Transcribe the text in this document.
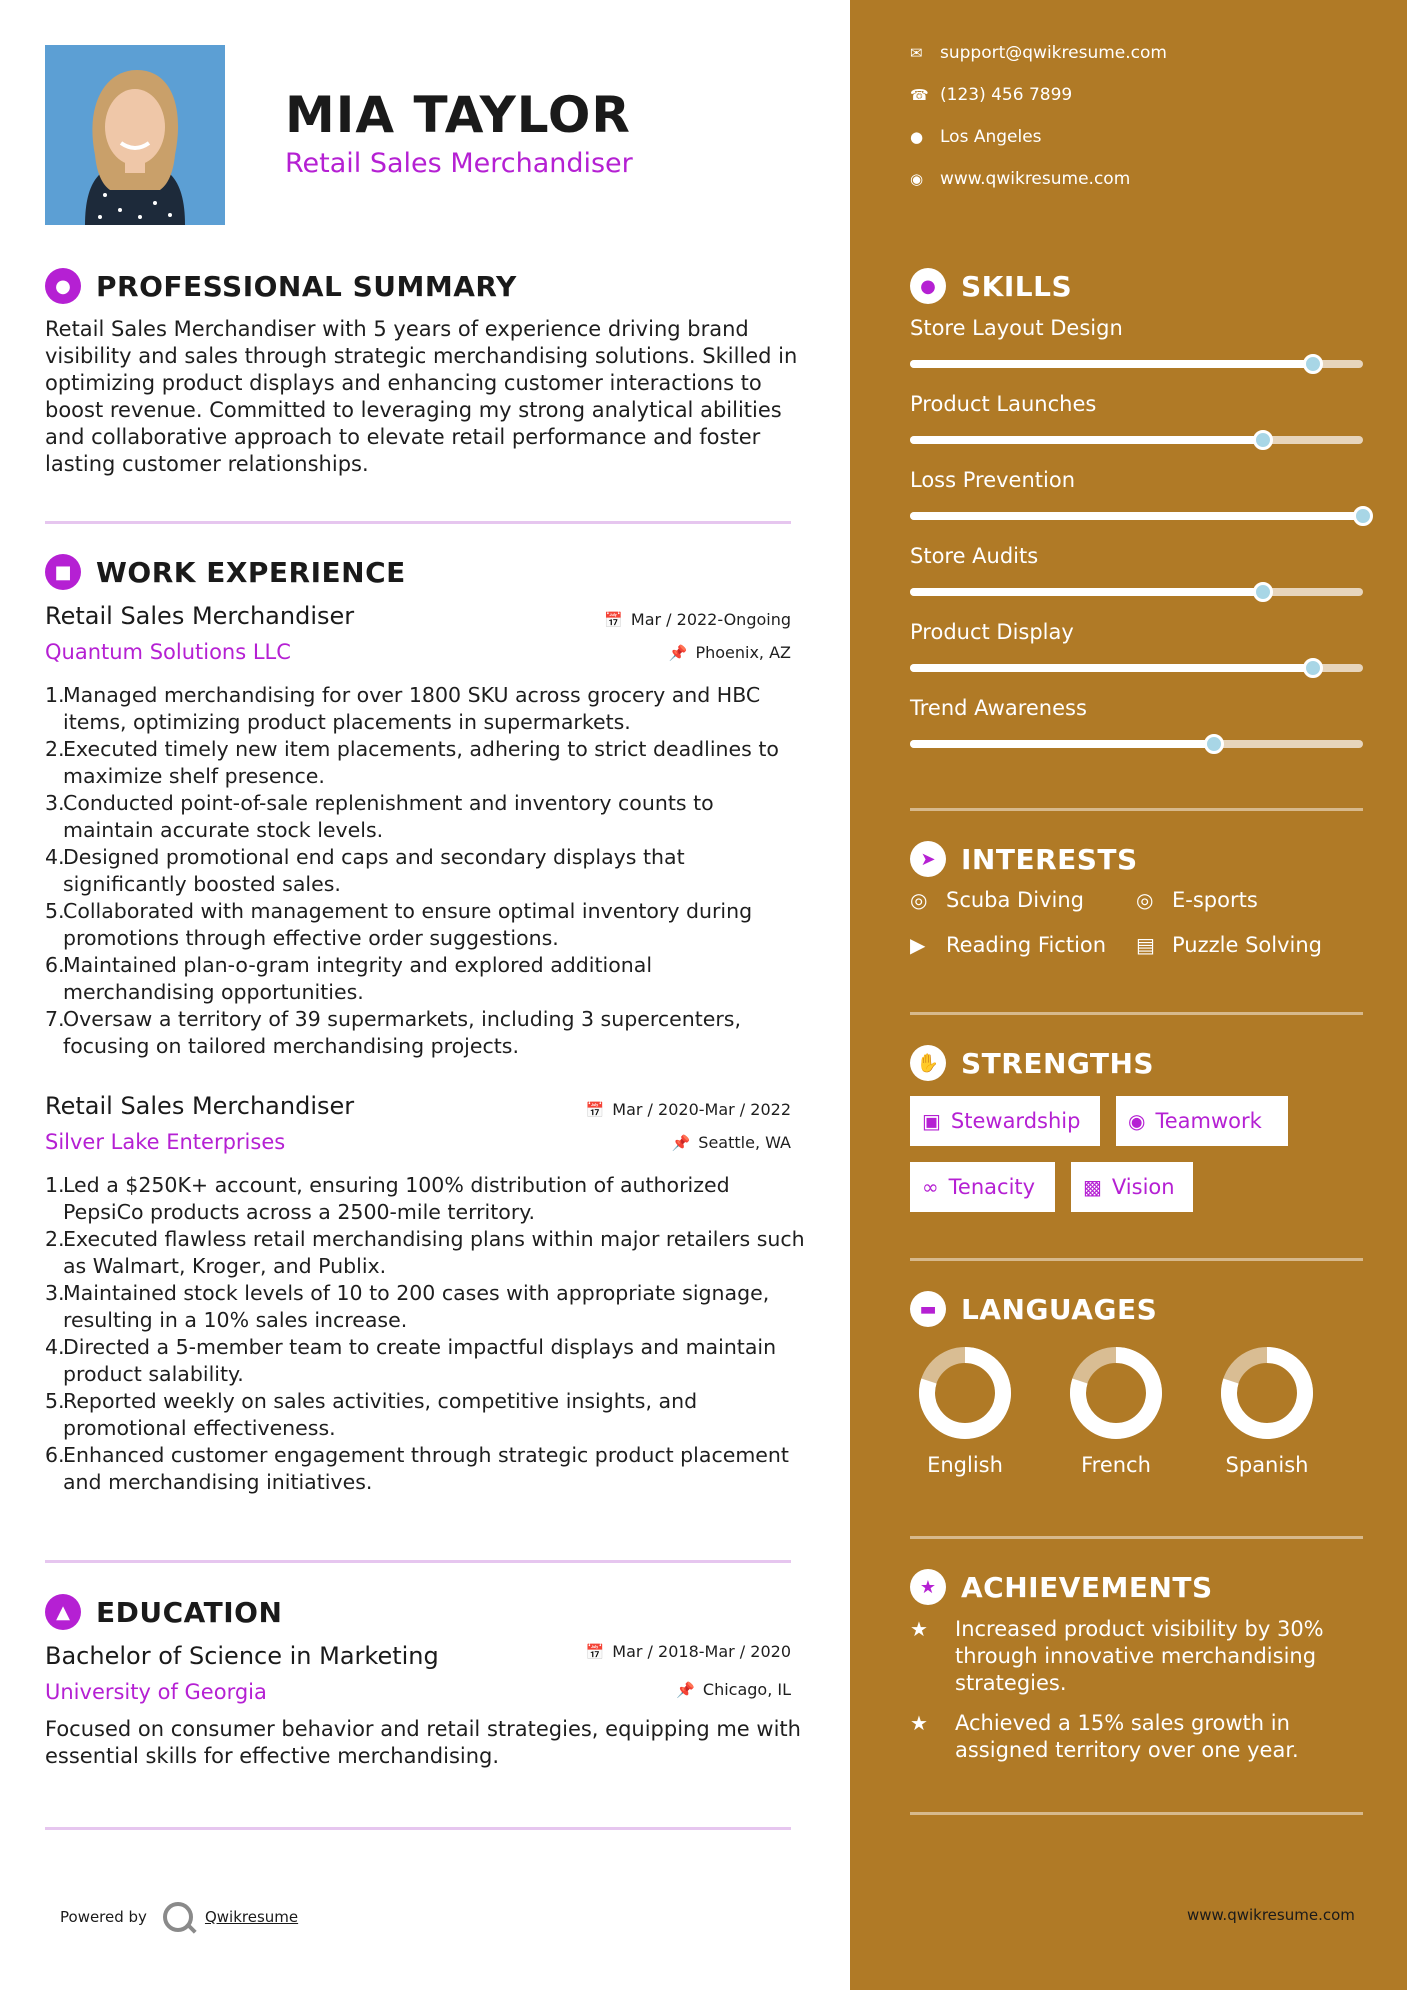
MIA TAYLOR
Retail Sales Merchandiser
● PROFESSIONAL SUMMARY
Retail Sales Merchandiser with 5 years of experience driving brand visibility and sales through strategic merchandising solutions. Skilled in optimizing product displays and enhancing customer interactions to boost revenue. Committed to leveraging my strong analytical abilities and collaborative approach to elevate retail performance and foster lasting customer relationships.
■ WORK EXPERIENCE
Retail Sales Merchandiser
Quantum Solutions LLC
📅 Mar / 2022-Ongoing
📌 Phoenix, AZ
1.
Managed merchandising for over 1800 SKU across grocery and HBC items, optimizing product placements in supermarkets.
2.
Executed timely new item placements, adhering to strict deadlines to maximize shelf presence.
3.
Conducted point-of-sale replenishment and inventory counts to maintain accurate stock levels.
4.
Designed promotional end caps and secondary displays that significantly boosted sales.
5.
Collaborated with management to ensure optimal inventory during promotions through effective order suggestions.
6.
Maintained plan-o-gram integrity and explored additional merchandising opportunities.
7.
Oversaw a territory of 39 supermarkets, including 3 supercenters, focusing on tailored merchandising projects.
Retail Sales Merchandiser
Silver Lake Enterprises
📅 Mar / 2020-Mar / 2022
📌 Seattle, WA
1.
Led a $250K+ account, ensuring 100% distribution of authorized PepsiCo products across a 2500-mile territory.
2.
Executed flawless retail merchandising plans within major retailers such as Walmart, Kroger, and Publix.
3.
Maintained stock levels of 10 to 200 cases with appropriate signage, resulting in a 10% sales increase.
4.
Directed a 5-member team to create impactful displays and maintain product salability.
5.
Reported weekly on sales activities, competitive insights, and promotional effectiveness.
6.
Enhanced customer engagement through strategic product placement and merchandising initiatives.
▲ EDUCATION
Bachelor of Science in Marketing
University of Georgia
📅 Mar / 2018-Mar / 2020
📌 Chicago, IL
Focused on consumer behavior and retail strategies, equipping me with essential skills for effective merchandising.
Powered by	Qwikresume
✉	support@qwikresume.com
☎ (123) 456 7899
● Los Angeles
◉ www.qwikresume.com
● SKILLS
Store Layout Design
Product Launches
Loss Prevention
Store Audits
Product Display
Trend Awareness
➤ INTERESTS
◎ Scuba Diving	◎ E-sports
▶ Reading Fiction ▤ Puzzle Solving
✋ STRENGTHS
▣ Stewardship ◉ Teamwork
∞ Tenacity ▩ Vision
▬ LANGUAGES
English	French	Spanish
★ ACHIEVEMENTS
★	Increased product visibility by 30% through innovative merchandising strategies.
★	Achieved a 15% sales growth in assigned territory over one year.
www.qwikresume.com
